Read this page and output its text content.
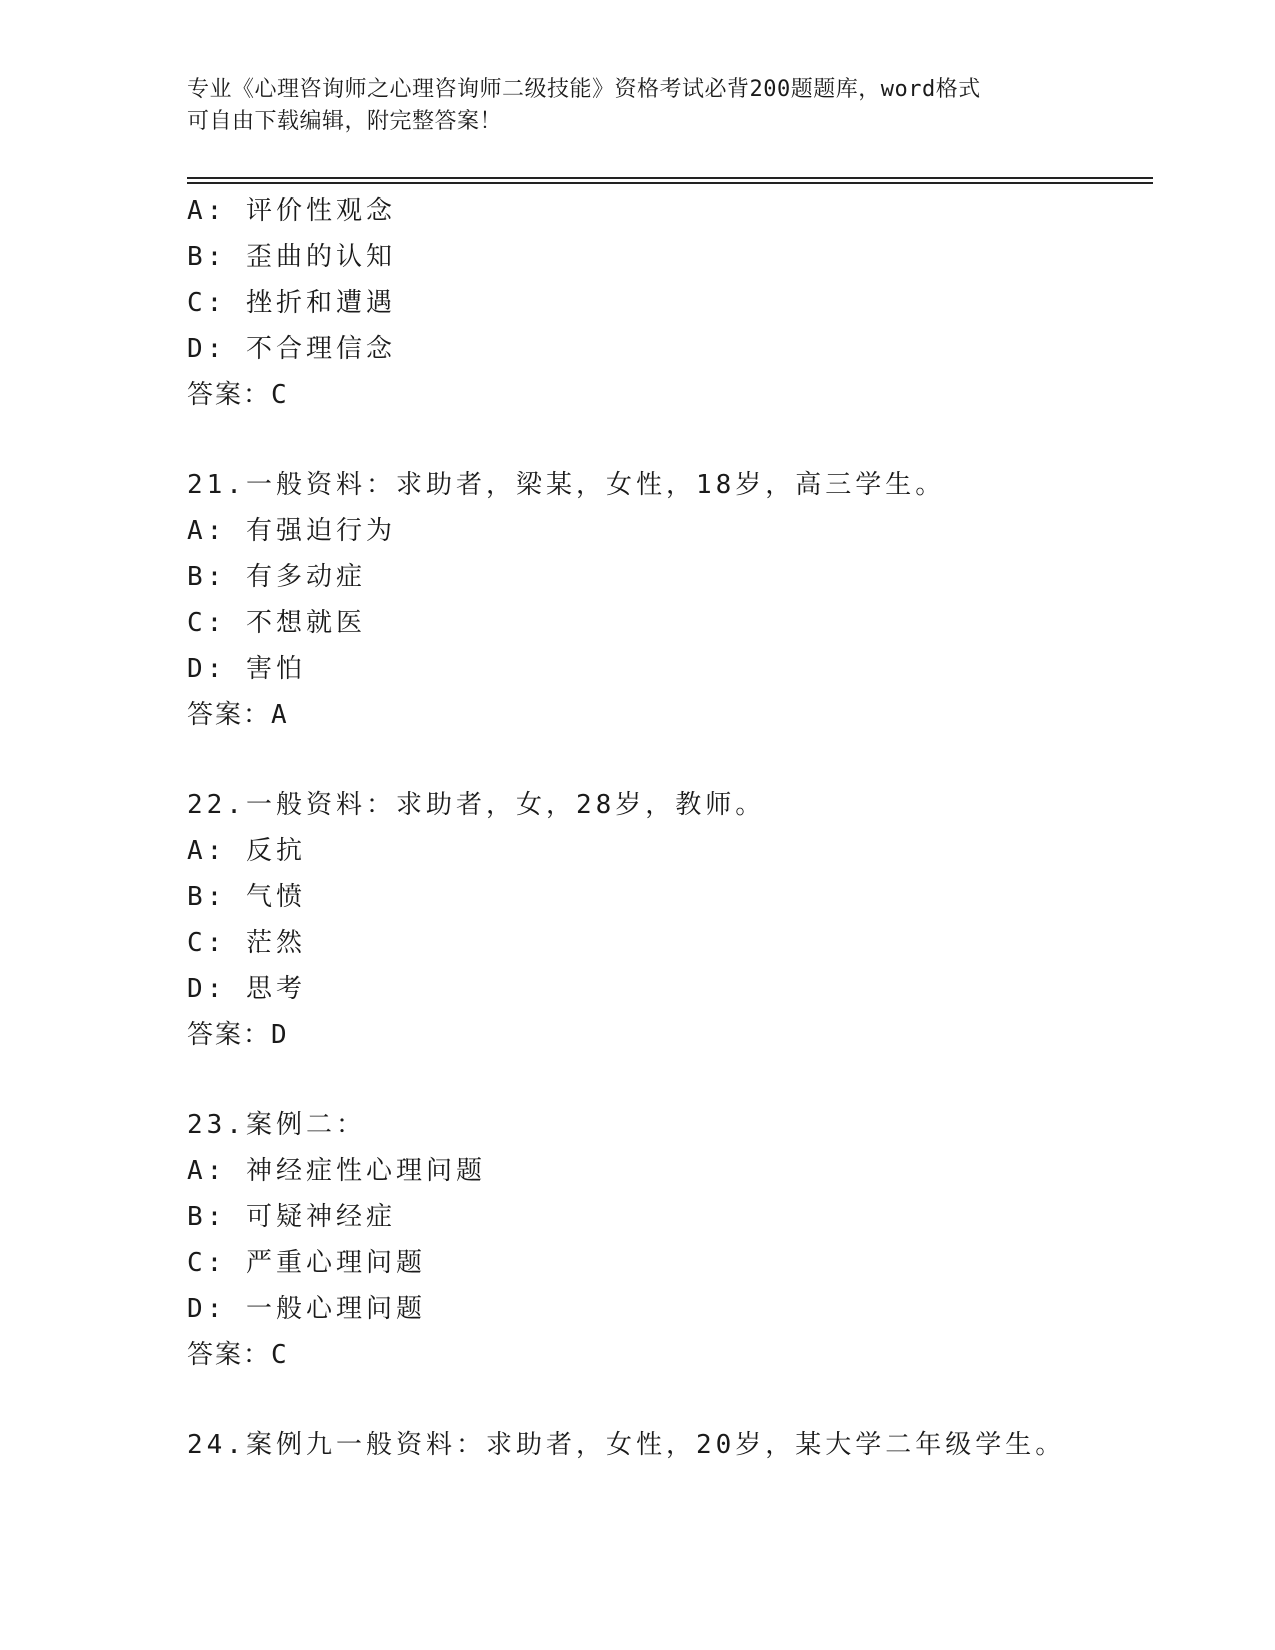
专业《心理咨询师之心理咨询师二级技能》资格考试必背200题题库，word格式
可自由下载编辑，附完整答案！
A: 评价性观念
B: 歪曲的认知
C: 挫折和遭遇
D: 不合理信念
答案：C
21.一般资料：求助者，梁某，女性，18岁，高三学生。
A: 有强迫行为
B: 有多动症
C: 不想就医
D: 害怕
答案：A
22.一般资料：求助者，女，28岁，教师。
A: 反抗
B: 气愤
C: 茫然
D: 思考
答案：D
23.案例二：
A: 神经症性心理问题
B: 可疑神经症
C: 严重心理问题
D: 一般心理问题
答案：C
24.案例九一般资料：求助者，女性，20岁，某大学二年级学生。
